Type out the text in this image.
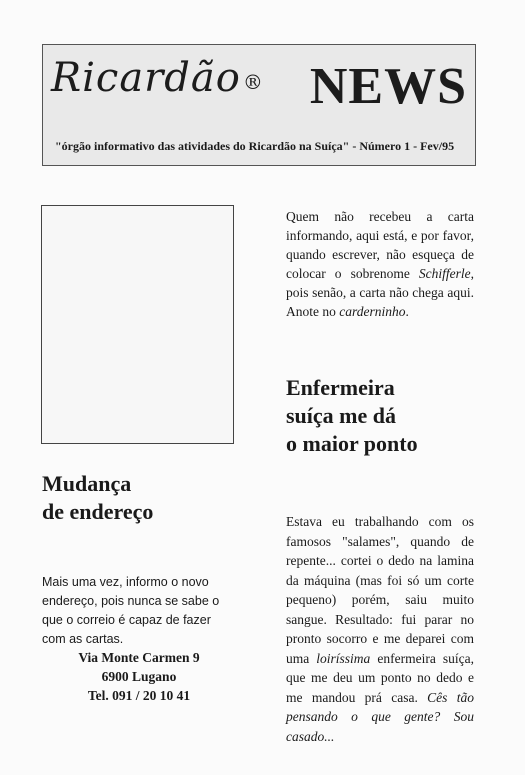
Ricardão ® NEWS
"órgão informativo das atividades do Ricardão na Suíça" - Número 1 - Fev/95
Quem não recebeu a carta informando, aqui está, e por favor, quando escrever, não esqueça de colocar o sobrenome Schifferle, pois senão, a carta não chega aqui. Anote no carderninho.
Enfermeira
suíça me dá
o maior ponto
Estava eu trabalhando com os famosos "salames", quando de repente... cortei o dedo na lamina da máquina (mas foi só um corte pequeno) porém, saiu muito sangue. Resultado: fui parar no pronto socorro e me deparei com uma loiríssima enfermeira suíça, que me deu um ponto no dedo e me mandou prá casa. Cês tão pensando o que gente? Sou casado...
Mudança
de endereço
Mais uma vez, informo o novo endereço, pois nunca se sabe o que o correio é capaz de fazer com as cartas.
Via Monte Carmen 9
6900 Lugano
Tel. 091 / 20 10 41
